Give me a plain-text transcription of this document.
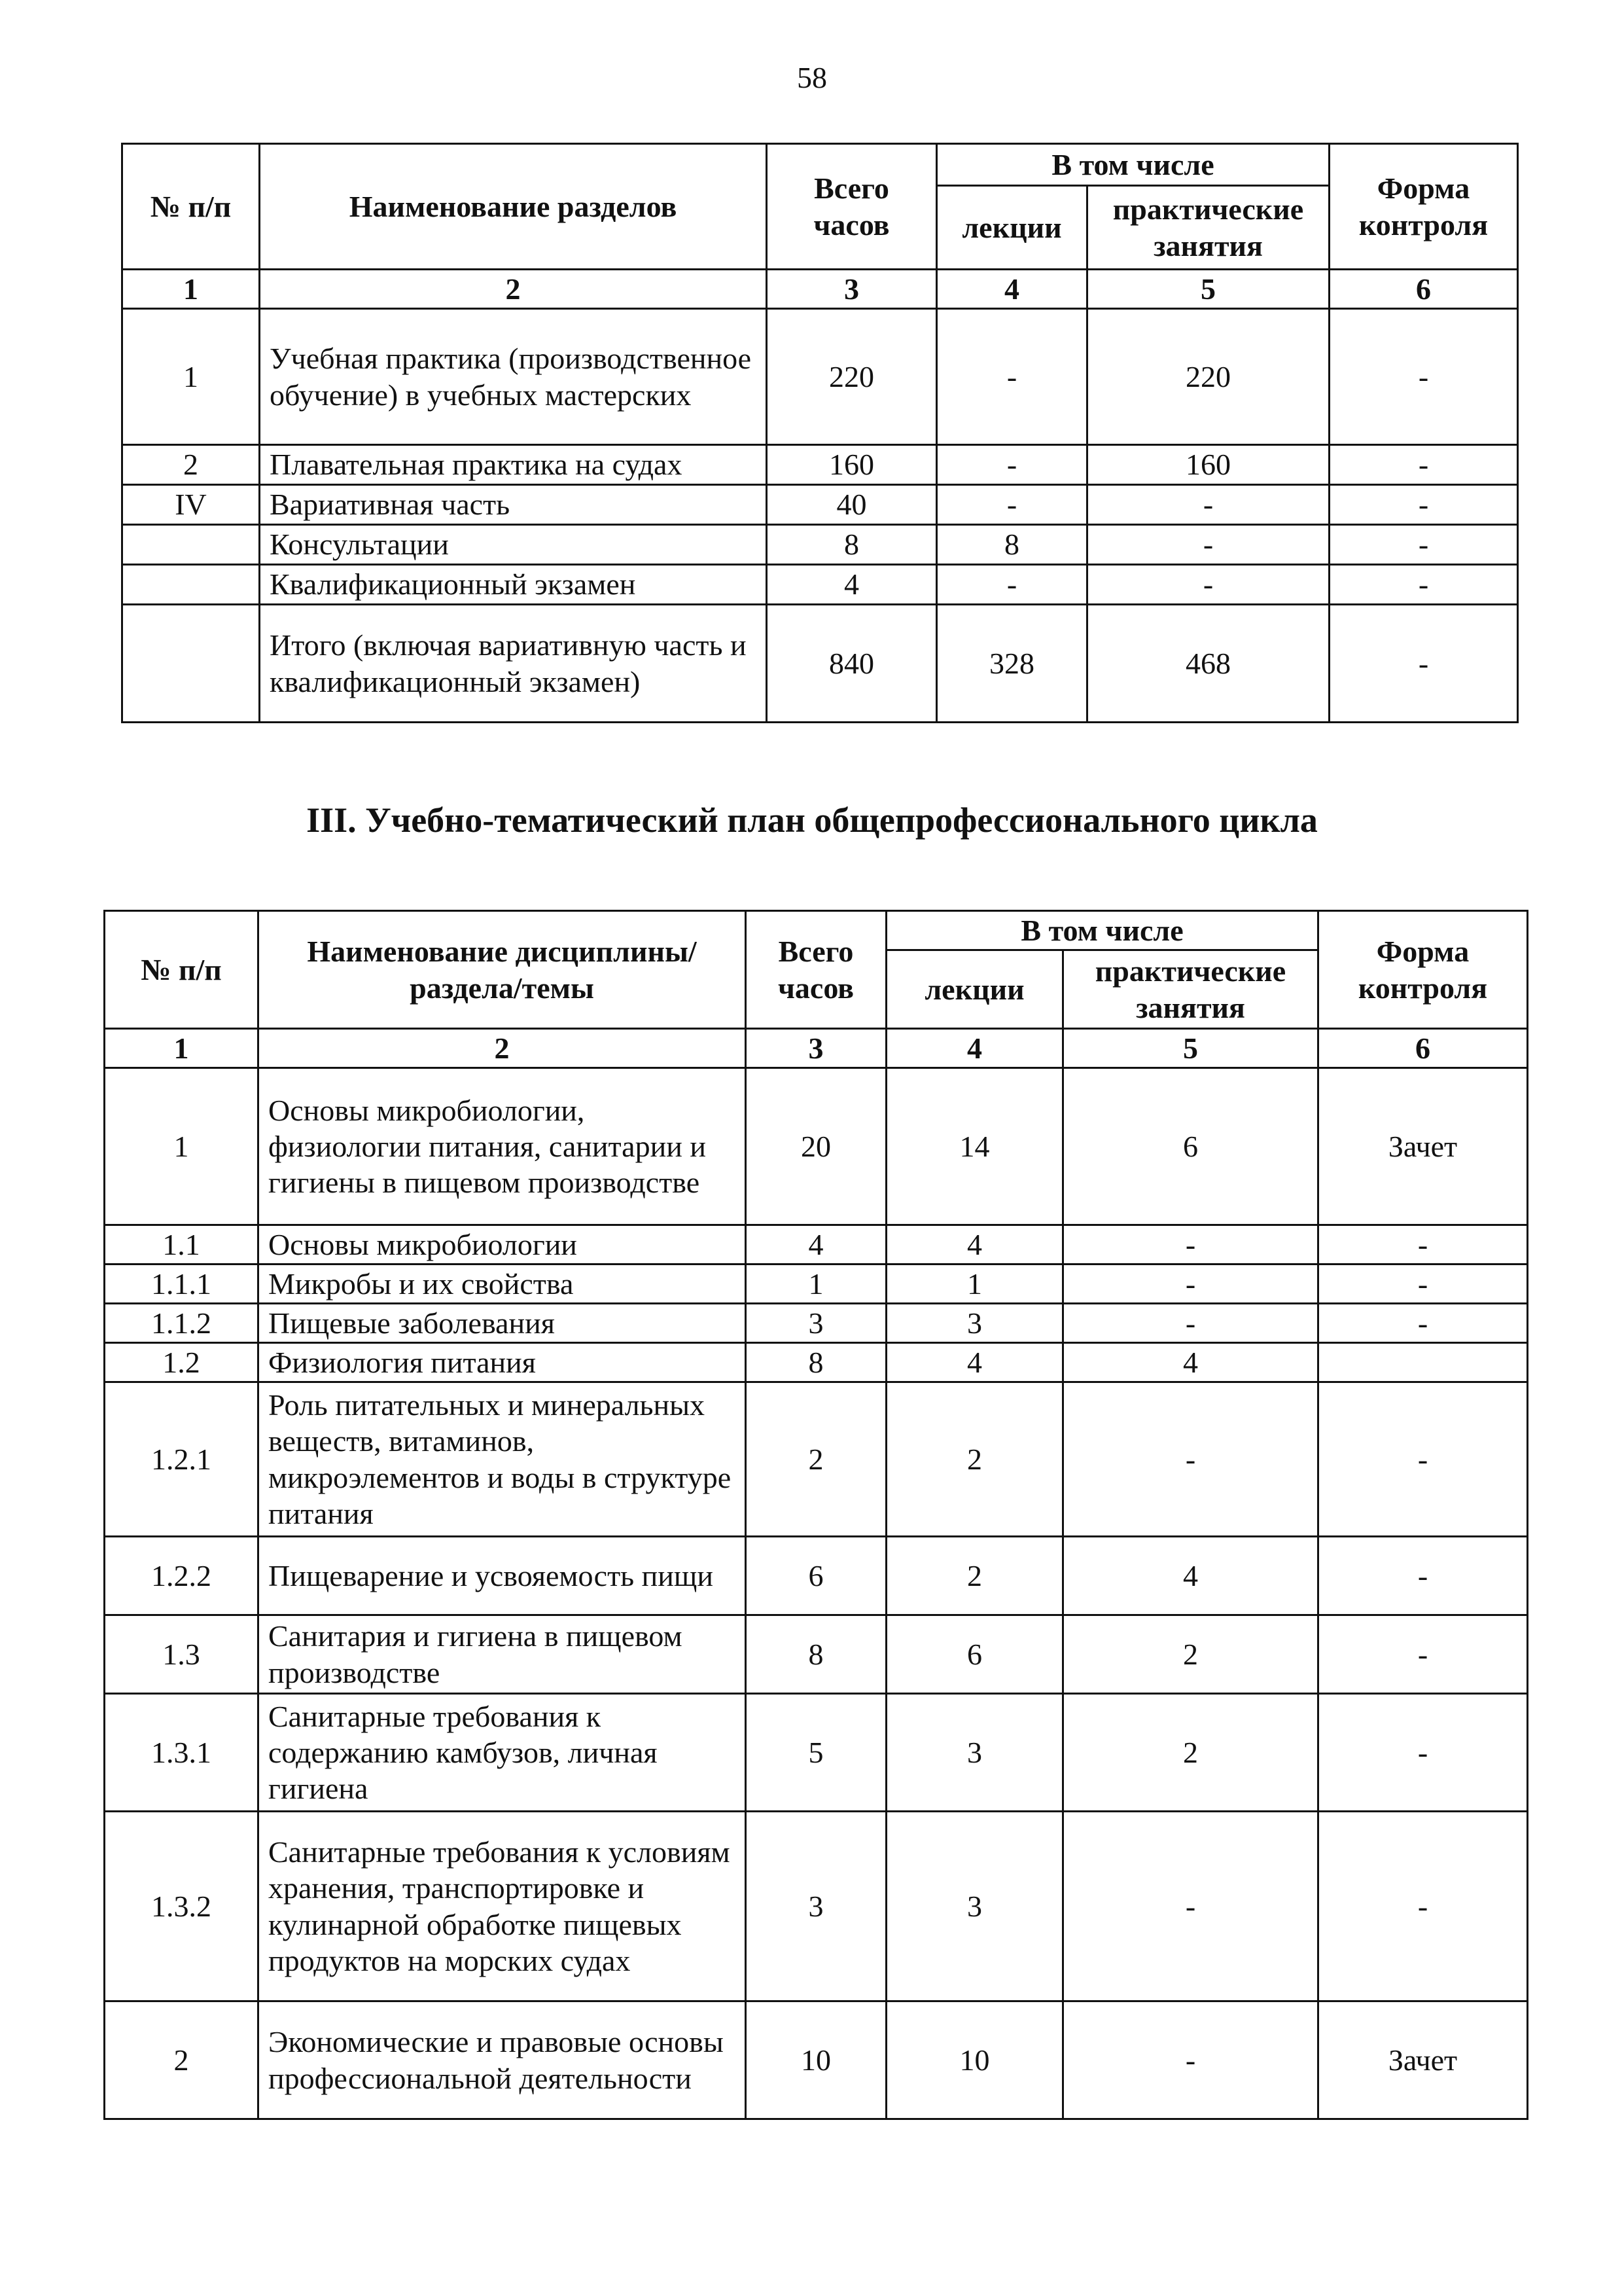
58
№ п/п	Наименование разделов	Всего часов	В том числе		Форма контроля
			лекции	практические занятия	
1	2	3	4	5	6
1	Учебная практика (производственное обучение) в учебных мастерских	220	-	220	-
2	Плавательная практика на судах	160	-	160	-
IV	Вариативная часть	40	-	-	-
	Консультации	8	8	-	-
	Квалификационный экзамен	4	-	-	-
	Итого (включая вариативную часть и квалификационный экзамен)	840	328	468	-
III. Учебно-тематический план общепрофессионального цикла
№ п/п	Наименование дисциплины/раздела/темы	Всего часов	В том числе		Форма контроля
			лекции	практические занятия	
1	2	3	4	5	6
1	Основы микробиологии, физиологии питания, санитарии и гигиены в пищевом производстве	20	14	6	Зачет
1.1	Основы микробиологии	4	4	-	-
1.1.1	Микробы и их свойства	1	1	-	-
1.1.2	Пищевые заболевания	3	3	-	-
1.2	Физиология питания	8	4	4	
1.2.1	Роль питательных и минеральных веществ, витаминов, микроэлементов и воды в структуре питания	2	2	-	-
1.2.2	Пищеварение и усвояемость пищи	6	2	4	-
1.3	Санитария и гигиена в пищевом производстве	8	6	2	-
1.3.1	Санитарные требования к содержанию камбузов, личная гигиена	5	3	2	-
1.3.2	Санитарные требования к условиям хранения, транспортировке и кулинарной обработке пищевых продуктов на морских судах	3	3	-	-
2	Экономические и правовые основы профессиональной деятельности	10	10	-	Зачет
